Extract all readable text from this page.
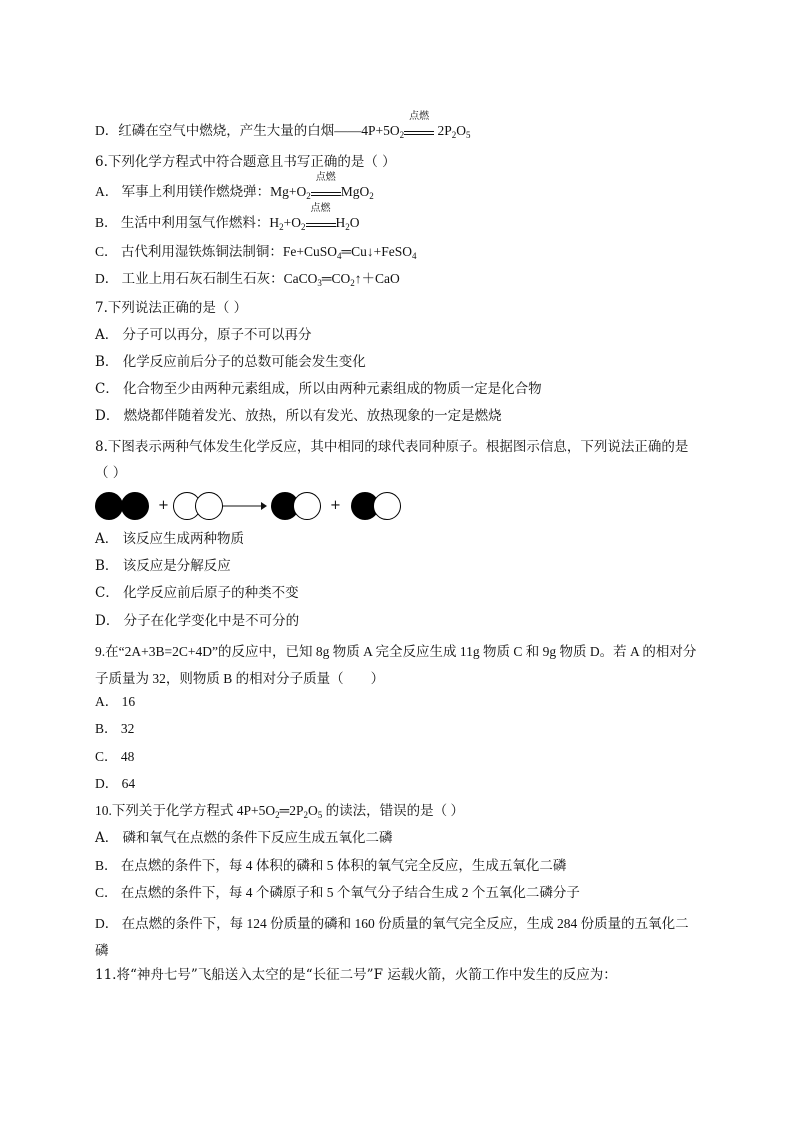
D．红磷在空气中燃烧，产生大量的白烟$——4P+5O_2$
点燃
$2P_2O_5$
6.下列化学方程式中符合题意且书写正确的是（ ）
A． 军事上利用镁作燃烧弹：$Mg+O_2$
点燃
MgO$_2$
B． 生活中利用氢气作燃料：$H_2+O_2$
点燃
$H_2O$
C． 古代利用湿铁炼铜法制铜：Fe+CuSO$_4$═Cu↓+FeSO$_4$
D． 工业上用石灰石制生石灰：$CaCO_3═CO_2↑+CaO$
7.下列说法正确的是（ ）
A． 分子可以再分，原子不可以再分
B． 化学反应前后分子的总数可能会发生变化
C． 化合物至少由两种元素组成，所以由两种元素组成的物质一定是化合物
D． 燃烧都伴随着发光、放热，所以有发光、放热现象的一定是燃烧
8.下图表示两种气体发生化学反应，其中相同的球代表同种原子。根据图示信息，下列说法正确的是（ ）
+	+
A． 该反应生成两种物质
B． 该反应是分解反应
C． 化学反应前后原子的种类不变
D． 分子在化学变化中是不可分的
9.在“2A+3B=2C+4D”的反应中，已知 8g 物质 A 完全反应生成 11g 物质 C 和 9g 物质 D。若 A 的相对分子质量为 32，则物质 B 的相对分子质量（　　）
A． 16
B． 32
C． 48
D． 64
10.下列关于化学方程式 $4P+5O_2═2P_2O_5$ 的读法，错误的是（ ）
A． 磷和氧气在点燃的条件下反应生成五氧化二磷
B． 在点燃的条件下，每 4 体积的磷和 5 体积的氧气完全反应，生成五氧化二磷
C． 在点燃的条件下，每 4 个磷原子和 5 个氧气分子结合生成 2 个五氧化二磷分子
D． 在点燃的条件下，每 124 份质量的磷和 160 份质量的氧气完全反应，生成 284 份质量的五氧化二磷
11.将“神舟七号”飞船送入太空的是“长征二号”F 运载火箭，火箭工作中发生的反应为：
